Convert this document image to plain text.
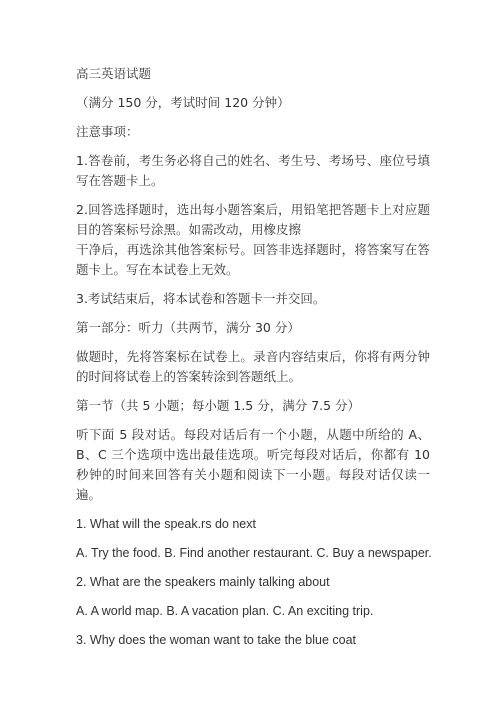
高三英语试题

（满分 150 分，考试时间 120 分钟）

注意事项：

1.答卷前，考生务必将自己的姓名、考生号、考场号、座位号填写在答题卡上。

2.回答选择题时，选出每小题答案后，用铅笔把答题卡上对应题目的答案标号涂黑。如需改动，用橡皮擦

干净后，再选涂其他答案标号。回答非选择题时，将答案写在答题卡上。写在本试卷上无效。

3.考试结束后，将本试卷和答题卡一并交回。

第一部分：听力（共两节，满分 30 分）

做题时，先将答案标在试卷上。录音内容结束后，你将有两分钟的时间将试卷上的答案转涂到答题纸上。

第一节（共 5 小题；每小题 1.5 分，满分 7.5 分）

听下面 5 段对话。每段对话后有一个小题，从题中所给的 A、B、C 三个选项中选出最佳选项。听完每段对话后，你都有 10 秒钟的时间来回答有关小题和阅读下一小题。每段对话仅读一遍。

1. What will the speak.rs do next

A. Try the food. B. Find another restaurant. C. Buy a newspaper.

2. What are the speakers mainly talking about

A. A world map. B. A vacation plan. C. An exciting trip.

3. Why does the woman want to take the blue coat
